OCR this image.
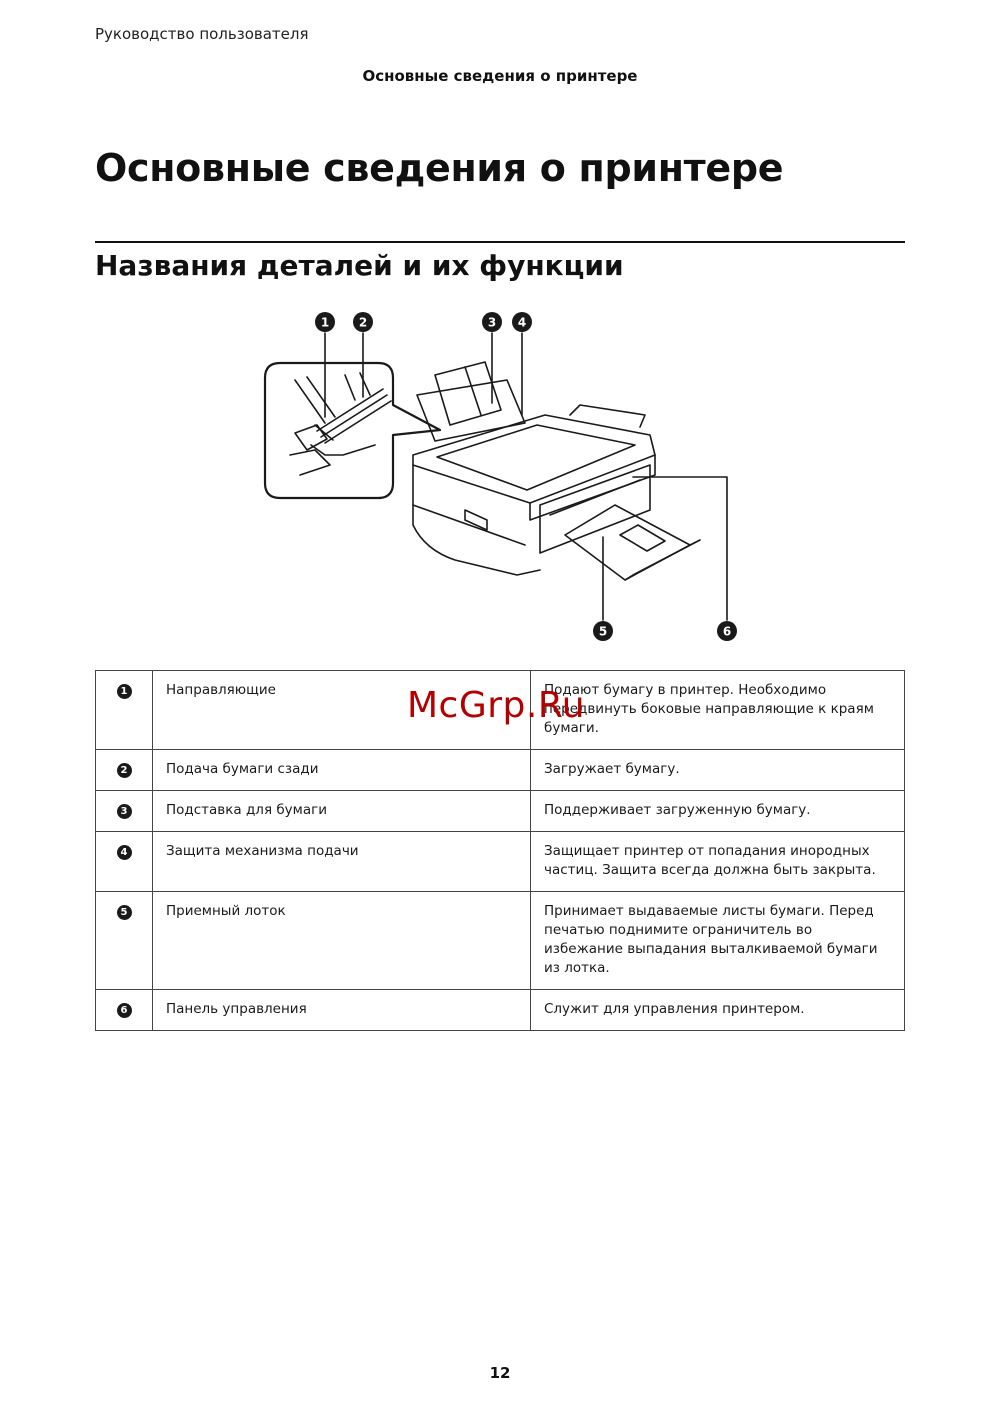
Руководство пользователя
Основные сведения о принтере
Основные сведения о принтере
Названия деталей и их функции
1 2	3 4
5	6
1	Направляющие	Подают бумагу в принтер. Необходимо передвинуть боковые направляющие к краям бумаги.
2	Подача бумаги сзади	Загружает бумагу.
3	Подставка для бумаги	Поддерживает загруженную бумагу.
4	Защита механизма подачи	Защищает принтер от попадания инородных частиц. Защита всегда должна быть закрыта.
5	Приемный лоток	Принимает выдаваемые листы бумаги. Перед печатью поднимите ограничитель во избежание выпадания выталкиваемой бумаги из лотка.
6	Панель управления	Служит для управления принтером.
McGrp.Ru
12
